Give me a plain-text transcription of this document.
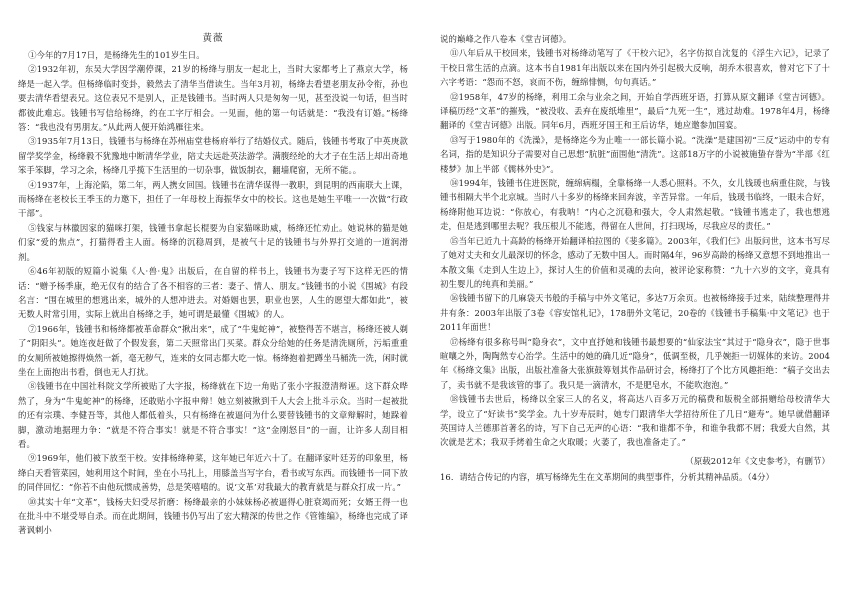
黄薇

①今年的7月17日，是杨绛先生的101岁生日。

②1932年初，东吴大学因学潮停课，21岁的杨绛与朋友一起北上，当时大家都考上了燕京大学，杨绛是一起入学。但杨绛临时变卦，毅然去了清华当借读生。当年3月初，杨绛去看望老朋友孙令衔，孙也要去清华看望表兄。这位表兄不是别人，正是钱锺书。当时两人只是匆匆一见，甚至没说一句话，但当时都彼此难忘。钱锺书写信给杨绛，约在工字厅相会。一见面，他的第一句话就是：“我没有订婚。”杨绛答：“我也没有男朋友。”从此两人便开始鸿雁往来。

③1935年7月13日，钱锺书与杨绛在苏州庙堂巷杨府举行了结婚仪式。随后，钱锺书考取了中英庚款留学奖学金，杨绛毅不犹豫地中断清华学业，陪丈夫远赴英法游学。满腹经纶的大才子在生活上却出奇地笨手笨脚，学习之余，杨绛几乎揽下生活里的一切杂事，做饭制衣，翻墙爬窗，无所不能。。

④1937年，上海沦陷，第二年，两人携女回国。钱锺书在清华谋得一教职，到昆明的西南联大上课，而杨绛在老校长王季玉的力邀下，担任了一年母校上海振华女中的校长。这也是她生平唯一一次做“行政干部”。

⑤钱家与林徽因家的猫咪打架，钱锺书拿起长棍要为自家猫咪助威，杨绛还忙劝止。她说林的猫是她们家“爱的焦点”，打猫得看主人面。杨绛的沉稳周到，是被气十足的钱锺书与外界打交道的一道润滑剂。

⑥46年初版的短篇小说集《人·兽·鬼》出版后，在自留的样书上，钱锺书为妻子写下这样无匹的情话：“赠予杨季康，绝无仅有的结合了各不相容的三者：妻子、情人、朋友。”钱锺书的小说《围城》有段名言：“围在城里的想逃出来，城外的人想冲进去。对婚姻也罢，职业也罢，人生的愿望大都如此”，被无数人时常引用，实际上就出自杨绛之手，她可谓是最懂《围城》的人。

⑦1966年，钱锺书和杨绛都被革命群众“揪出来”，成了“牛鬼蛇神”，被整得苦不堪言，杨绛还被人剃了“阴阳头”。她连夜赶做了个假发套，第二天照常出门买菜。群众分给她的任务是清洗厕所，污垢重重的女厕所被她擦得焕然一新，毫无秽气，连来的女同志都大吃一惊。杨绛抱着把蹲坐马桶洗一洗，闲时就坐在上面抱出书看，倒也无人打扰。

⑧钱锺书在中国社科院文学所被贴了大字报，杨绛就在下边一角贴了张小字报澄清辩诬。这下群众哗然了，身为“牛鬼蛇神”的杨绛，还敢贴小字报申辩！她立刻被揪到千人大会上批斗示众。当时一起被批的还有宗璞、李健吾等，其他人都低着头，只有杨绛在被逼问为什么要替钱锺书的文章辩解时，她跺着脚，激动地据理力争：“就是不符合事实！就是不符合事实！”这“金刚怒目”的一面，让许多人刮目相看。

⑨1969年，他们被下放至干校。安排杨绛种菜，这年她已年近六十了。在翻译家叶廷芳的印象里，杨绛白天看管菜园，她利用这个时间，坐在小马扎上，用膝盖当写字台，看书或写东西。而钱锺书一同下放的同伴回忆：“你若不由他玩惯成善势，总是笑嘻嘻的。说‘文革’对我最大的教育就是与群众打成一片。”

⑩其实十年“文革”，钱杨夫妇受尽折磨：杨绛最亲的小妹妹杨必被逼得心脏衰竭而死；女婿王得一也在批斗中不堪受辱自杀。而在此期间，钱锺书仍写出了宏大精深的传世之作《管锥编》，杨绛也完成了译著讽刺小

说的巅峰之作八卷本《堂吉诃德》。

⑪八年后从干校回来，钱锺书对杨绛动笔写了《干校六记》，名字仿拟自沈复的《浮生六记》，记录了干校日常生活的点滴。这本书自1981年出版以来在国内外引起极大反响，胡乔木很喜欢，曾对它下了十六字考语：“怨而不怒，哀而不伤，缠绵悱恻，句句真话。”

⑫1958年，47岁的杨绛，利用工余与业余之间，开始自学西班牙语，打算从原文翻译《堂吉诃德》。译稿历经“文革”的摧残，“被没收、丢弃在废纸堆里”，最后“九死一生”，逃过劫难。1978年4月，杨绛翻译的《堂吉诃德》出版。同年6月，西班牙国王和王后访华，她应邀参加国宴。

⑬写于1980年的《洗澡》，是杨绛迄今为止唯一一部长篇小说。“洗澡”是建国初“三反”运动中的专有名词，指的是知识分子需要对自己思想“肮脏”面围他“清洗”。这部18万字的小说被施蛰存誉为“半部《红楼梦》加上半部《儒林外史》”。

⑭1994年，钱锺书住进医院，缠绵病榻，全靠杨绛一人悉心照料。不久，女儿钱瑗也病重住院，与钱锺书相隔大半个北京城。当时八十多岁的杨绛来回奔波，辛苦异常。一年后，钱瑗书临终，一眼未合好，杨绛附他耳边说：“你放心，有我呐！”内心之沉稳和强大，令人肃然起敬。“钱锺书逃走了，我也想逃走，但是逃到哪里去呢？我压根儿不能逃，得留在人世间，打扫现场，尽我应尽的责任。”

⑮当年已近九十高龄的杨绛开始翻译柏拉图的《斐多篇》。2003年，《我们仨》出版问世，这本书写尽了她对丈夫和女儿最深切的怀念，感动了无数中国人。而时隔4年，96岁高龄的杨绛又意想不到地推出一本散文集《走到人生边上》，探讨人生的价值和灵魂的去向，被评论家称赞：“九十六岁的文字，竟具有初生婴儿的纯真和美丽。”

⑯钱锺书留下的几麻袋天书般的手稿与中外文笔记，多达7万余页。也被杨绛接手过来，陆续整理得井井有条：2003年出版了3卷《容安馆札记》，178册外文笔记，20卷的《钱锺书手稿集·中文笔记》也于2011年面世！

⑰杨绛有很多称号叫“隐身衣”，文中直抒她和钱锺书最想要的“仙家法宝”其过于“隐身衣”，隐于世事暄嚷之外，陶陶然专心治学。生活中的她的确几近“隐身”，低调至极，几乎婉拒一切媒体的来访。2004年《杨绛文集》出版，出版社准备大张旗鼓筹划其作品研讨会，杨绛打了个比方风趣拒绝：“稿子交出去了，卖书就不是我该管的事了。我只是一滴清水，不是肥皂水，不能吹泡泡。”

⑱钱锺书去世后，杨绛以全家三人的名义，将高达八百多万元的稿费和版税全部捐赠给母校清华大学，设立了“好读书”奖学金。九十岁寿辰时，她专门跟清华大学招待所住了几日“避寿”。她早就借翻译英国诗人兰德那首著名的诗，写下自己无声的心语：“我和谁都不争，和谁争我都不屑；我爱大自然，其次就是艺术；我双手烤着生命之火取暖；火萎了，我也准备走了。”

（原载2012年《文史参考》，有删节）

16．请结合传记的内容，填写杨绛先生在文革期间的典型事件，分析其精神品质。（4分）
